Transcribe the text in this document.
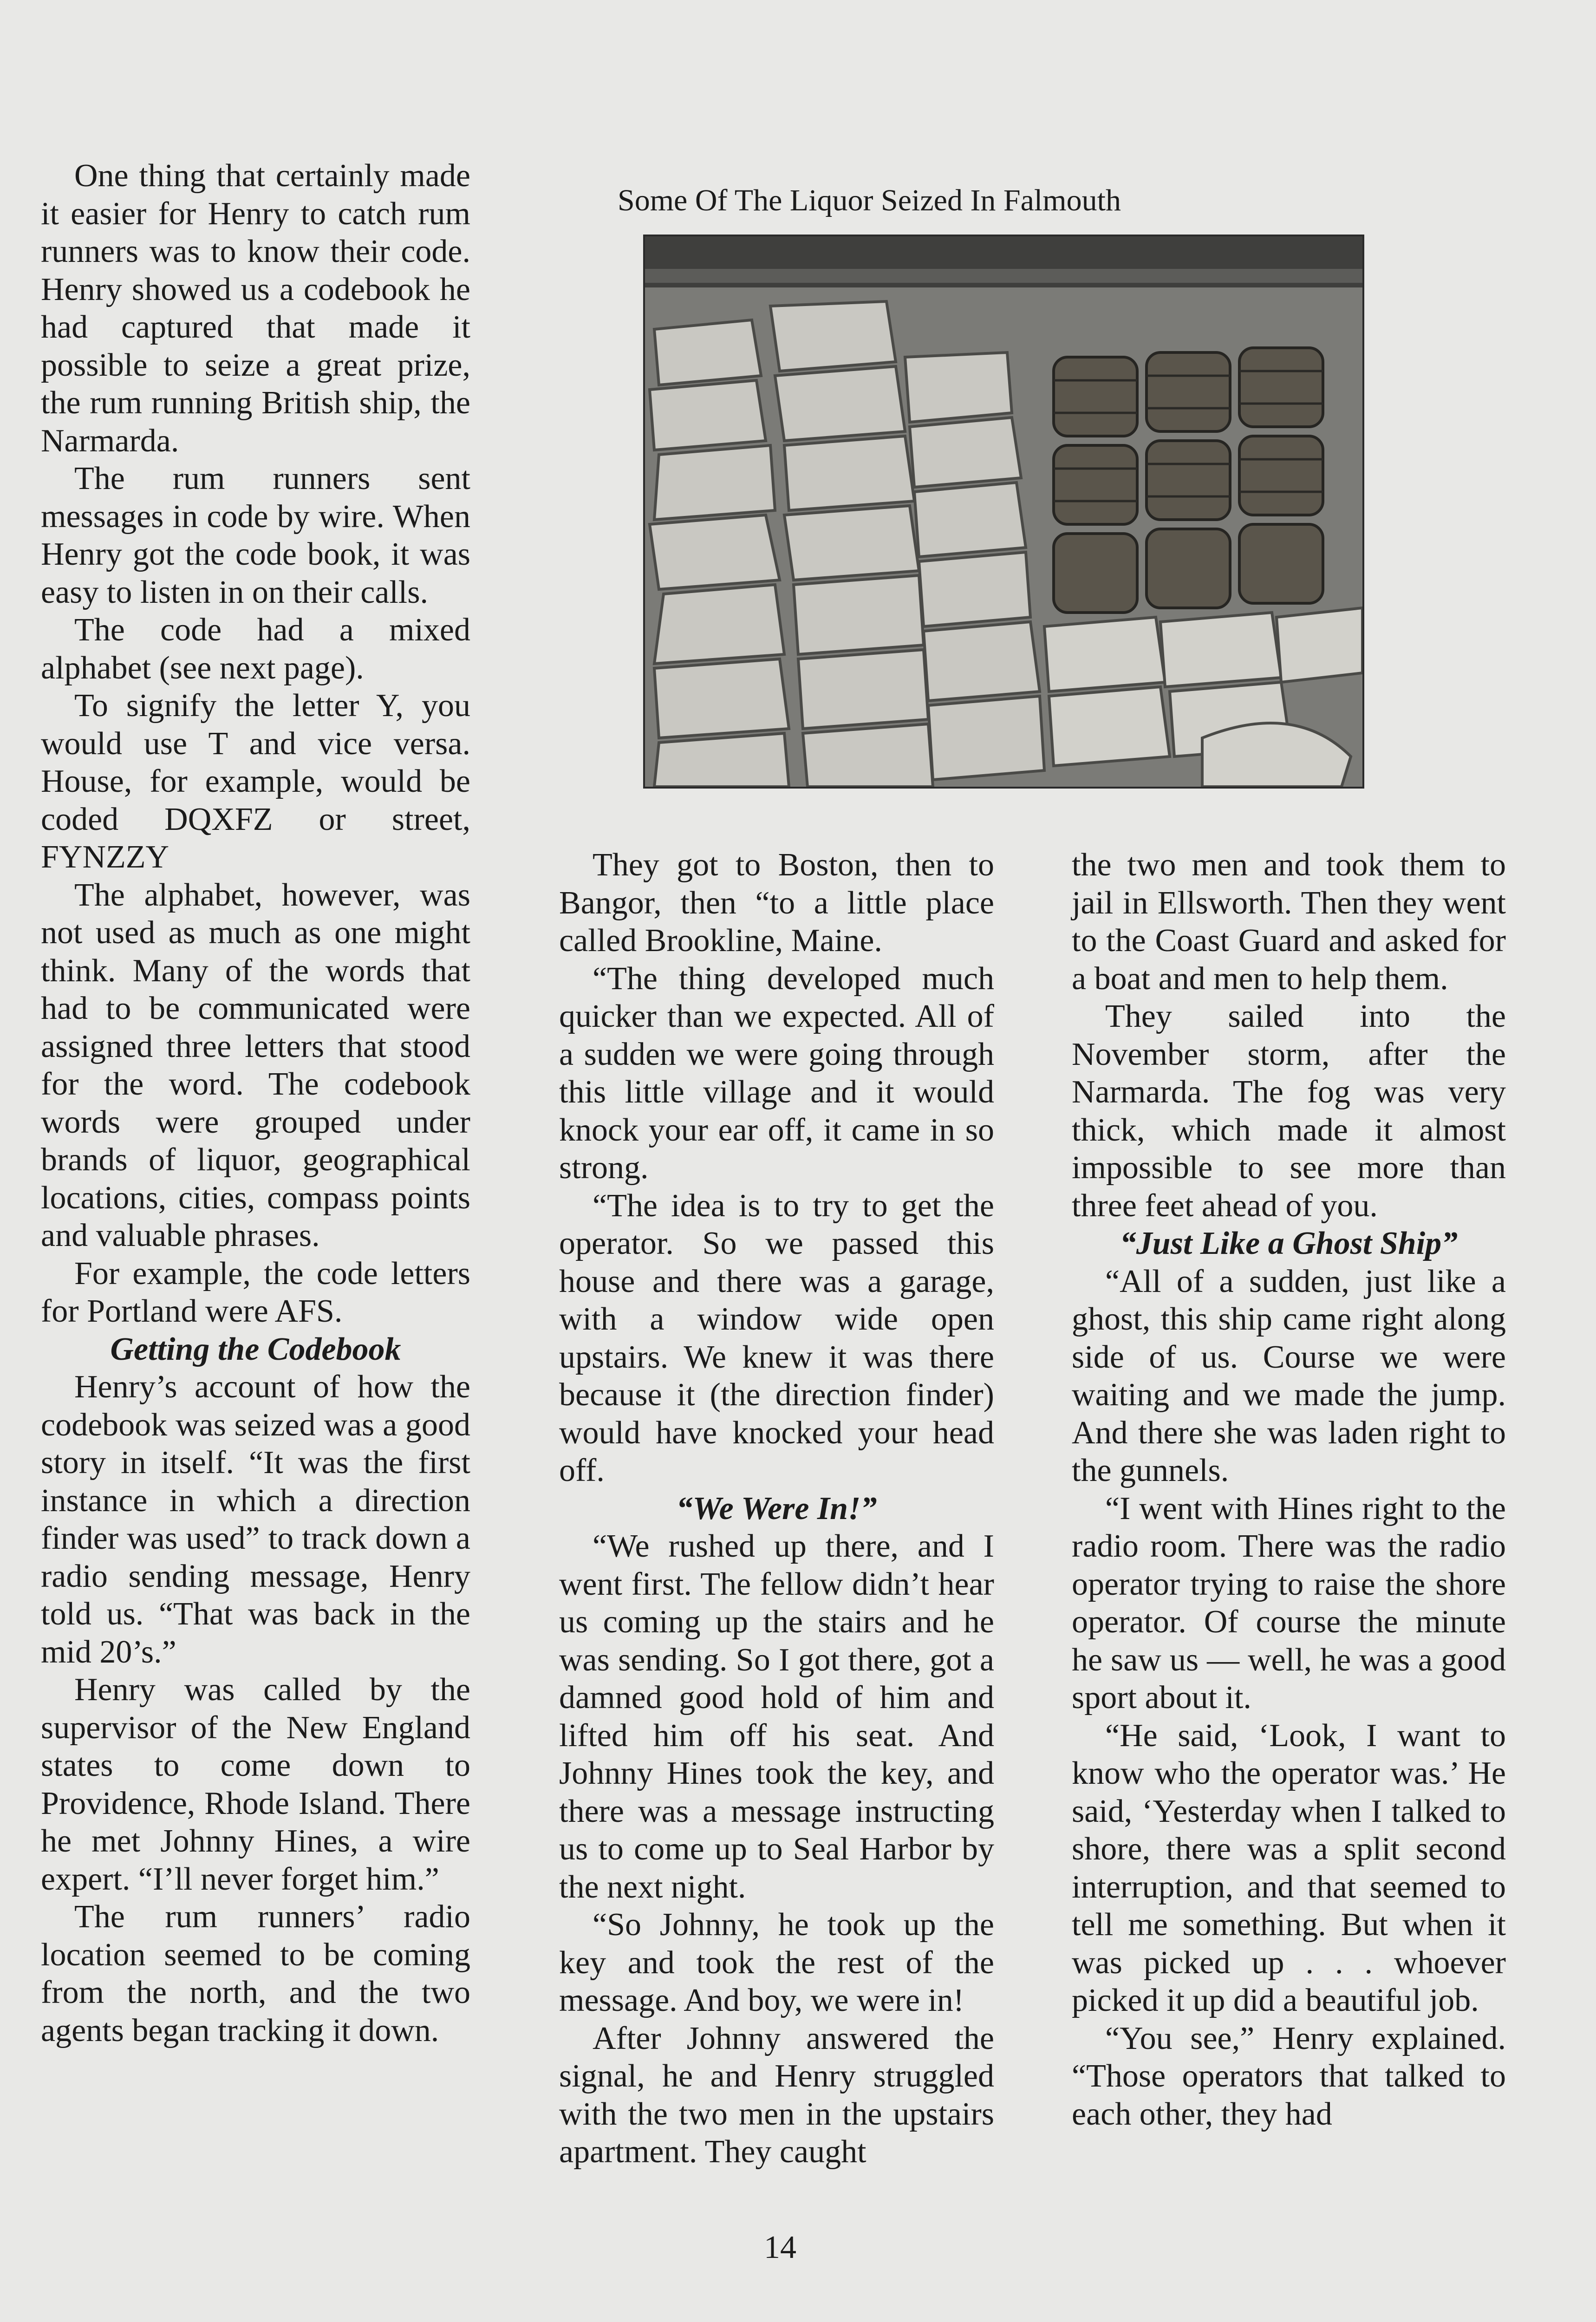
Some Of The Liquor Seized In Falmouth

One thing that certainly made it easier for Henry to catch rum runners was to know their code. Henry showed us a codebook he had captured that made it possible to seize a great prize, the rum running British ship, the Narmarda.

The rum runners sent messages in code by wire. When Henry got the code book, it was easy to listen in on their calls.

The code had a mixed alphabet (see next page).

To signify the letter Y, you would use T and vice versa. House, for example, would be coded DQXFZ or street, FYNZZY

The alphabet, however, was not used as much as one might think. Many of the words that had to be communicated were assigned three letters that stood for the word. The codebook words were grouped under brands of liquor, geographical locations, cities, compass points and valuable phrases.

For example, the code letters for Portland were AFS.

Getting the Codebook

Henry’s account of how the codebook was seized was a good story in itself. “It was the first instance in which a direction finder was used” to track down a radio sending message, Henry told us. “That was back in the mid 20’s.”

Henry was called by the supervisor of the New England states to come down to Providence, Rhode Island. There he met Johnny Hines, a wire expert. “I’ll never forget him.”

The rum runners’ radio location seemed to be coming from the north, and the two agents began tracking it down.

They got to Boston, then to Bangor, then “to a little place called Brookline, Maine.

“The thing developed much quicker than we expected. All of a sudden we were going through this little village and it would knock your ear off, it came in so strong.

“The idea is to try to get the operator. So we passed this house and there was a garage, with a window wide open upstairs. We knew it was there because it (the direction finder) would have knocked your head off.

“We Were In!”

“We rushed up there, and I went first. The fellow didn’t hear us coming up the stairs and he was sending. So I got there, got a damned good hold of him and lifted him off his seat. And Johnny Hines took the key, and there was a message instructing us to come up to Seal Harbor by the next night.

“So Johnny, he took up the key and took the rest of the message. And boy, we were in!

After Johnny answered the signal, he and Henry struggled with the two men in the upstairs apartment. They caught

the two men and took them to jail in Ellsworth. Then they went to the Coast Guard and asked for a boat and men to help them.

They sailed into the November storm, after the Narmarda. The fog was very thick, which made it almost impossible to see more than three feet ahead of you.

“Just Like a Ghost Ship”

“All of a sudden, just like a ghost, this ship came right along side of us. Course we were waiting and we made the jump. And there she was laden right to the gunnels.

“I went with Hines right to the radio room. There was the radio operator trying to raise the shore operator. Of course the minute he saw us — well, he was a good sport about it.

“He said, ‘Look, I want to know who the operator was.’ He said, ‘Yesterday when I talked to shore, there was a split second interruption, and that seemed to tell me something. But when it was picked up . . . whoever picked it up did a beautiful job.

“You see,” Henry explained. “Those operators that talked to each other, they had

14
